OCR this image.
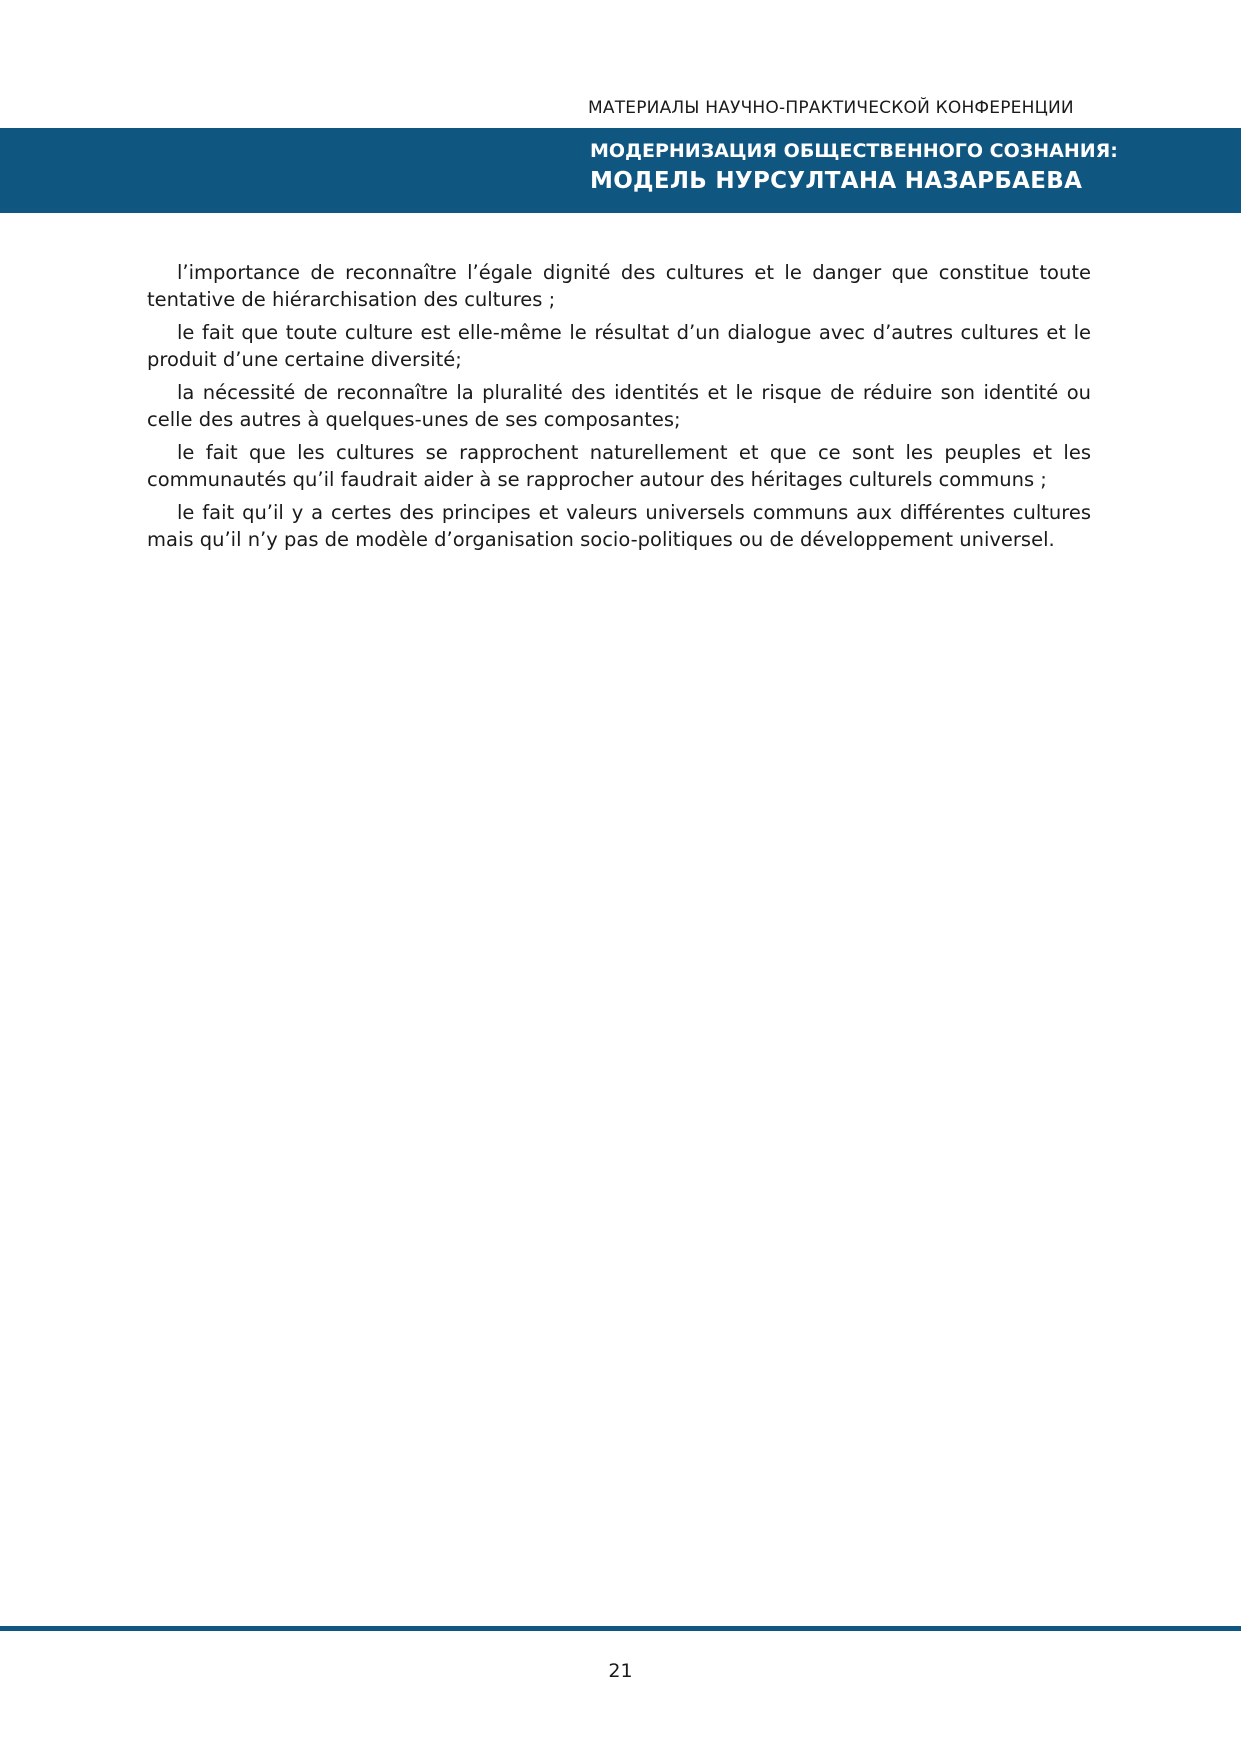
МАТЕРИАЛЫ НАУЧНО-ПРАКТИЧЕСКОЙ КОНФЕРЕНЦИИ
МОДЕРНИЗАЦИЯ ОБЩЕСТВЕННОГО СОЗНАНИЯ:
МОДЕЛЬ НУРСУЛТАНА НАЗАРБАЕВА

l’importance de reconnaître l’égale dignité des cultures et le danger que constitue toute tentative de hiérarchisation des cultures ;

le fait que toute culture est elle-même le résultat d’un dialogue avec d’autres cultures et le produit d’une certaine diversité;

la nécessité de reconnaître la pluralité des identités et le risque de réduire son identité ou celle des autres à quelques-unes de ses composantes;

le fait que les cultures se rapprochent naturellement et que ce sont les peuples et les communautés qu’il faudrait aider à se rapprocher autour des héritages culturels communs ;

le fait qu’il y a certes des principes et valeurs universels communs aux différentes cultures mais qu’il n’y pas de modèle d’organisation socio-politiques ou de développement universel.

21
